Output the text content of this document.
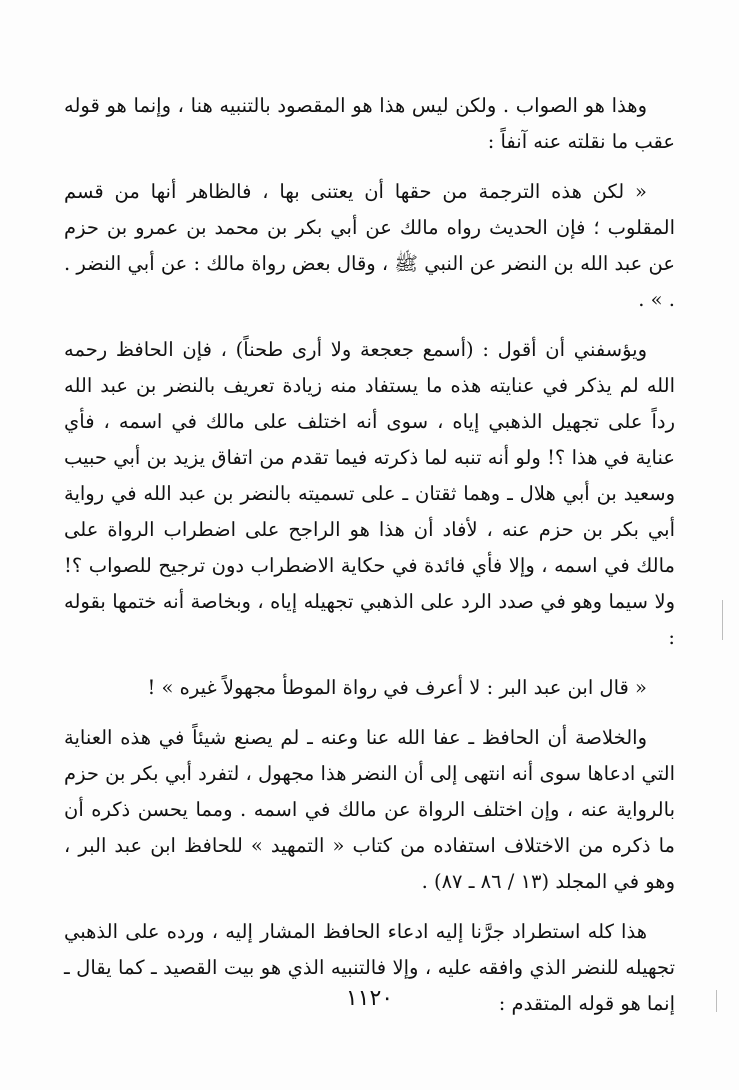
وهذا هو الصواب . ولكن ليس هذا هو المقصود بالتنبيه هنا ، وإنما هو قوله عقب ما نقلته عنه آنفاً :

« لكن هذه الترجمة من حقها أن يعتنى بها ، فالظاهر أنها من قسم المقلوب ؛ فإن الحديث رواه مالك عن أبي بكر بن محمد بن عمرو بن حزم عن عبد الله بن النضر عن النبي ﷺ ، وقال بعض رواة مالك : عن أبي النضر . . » .

ويؤسفني أن أقول : (أسمع جعجعة ولا أرى طحناً) ، فإن الحافظ رحمه الله لم يذكر في عنايته هذه ما يستفاد منه زيادة تعريف بالنضر بن عبد الله رداً على تجهيل الذهبي إياه ، سوى أنه اختلف على مالك في اسمه ، فأي عناية في هذا ؟! ولو أنه تنبه لما ذكرته فيما تقدم من اتفاق يزيد بن أبي حبيب وسعيد بن أبي هلال ـ وهما ثقتان ـ على تسميته بالنضر بن عبد الله في رواية أبي بكر بن حزم عنه ، لأفاد أن هذا هو الراجح على اضطراب الرواة على مالك في اسمه ، وإلا فأي فائدة في حكاية الاضطراب دون ترجيح للصواب ؟! ولا سيما وهو في صدد الرد على الذهبي تجهيله إياه ، وبخاصة أنه ختمها بقوله :

« قال ابن عبد البر : لا أعرف في رواة الموطأ مجهولاً غيره » !

والخلاصة أن الحافظ ـ عفا الله عنا وعنه ـ لم يصنع شيئاً في هذه العناية التي ادعاها سوى أنه انتهى إلى أن النضر هذا مجهول ، لتفرد أبي بكر بن حزم بالرواية عنه ، وإن اختلف الرواة عن مالك في اسمه . ومما يحسن ذكره أن ما ذكره من الاختلاف استفاده من كتاب « التمهيد » للحافظ ابن عبد البر ، وهو في المجلد (١٣ / ٨٦ ـ ٨٧) .

هذا كله استطراد جرَّنا إليه ادعاء الحافظ المشار إليه ، ورده على الذهبي تجهيله للنضر الذي وافقه عليه ، وإلا فالتنبيه الذي هو بيت القصيد ـ كما يقال ـ إنما هو قوله المتقدم :

١١٢٠
